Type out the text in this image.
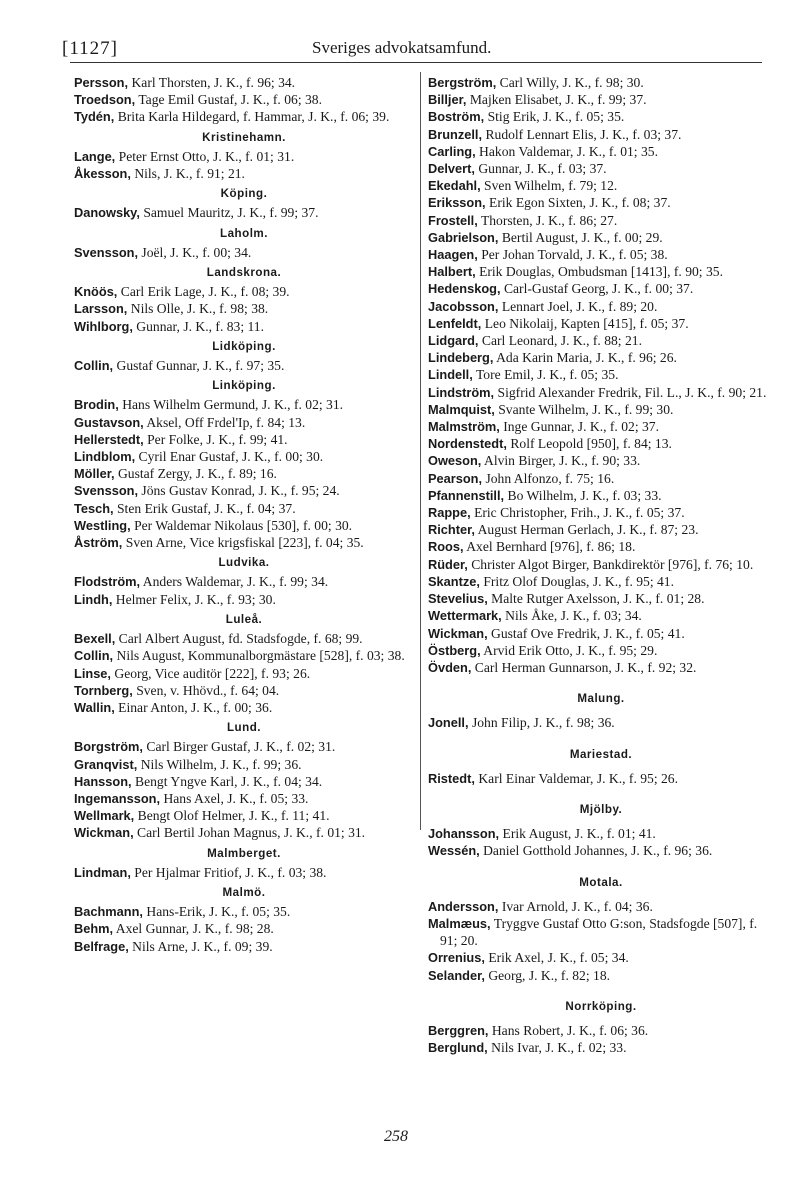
[1127]	Sveriges advokatsamfund.

Persson, Karl Thorsten, J. K., f. 96; 34.

Troedson, Tage Emil Gustaf, J. K., f. 06; 38.

Tydén, Brita Karla Hildegard, f. Hammar, J. K., f. 06; 39.

Kristinehamn.

Lange, Peter Ernst Otto, J. K., f. 01; 31.

Åkesson, Nils, J. K., f. 91; 21.

Köping.

Danowsky, Samuel Mauritz, J. K., f. 99; 37.

Laholm.

Svensson, Joël, J. K., f. 00; 34.

Landskrona.

Knöös, Carl Erik Lage, J. K., f. 08; 39.

Larsson, Nils Olle, J. K., f. 98; 38.

Wihlborg, Gunnar, J. K., f. 83; 11.

Lidköping.

Collin, Gustaf Gunnar, J. K., f. 97; 35.

Linköping.

Brodin, Hans Wilhelm Germund, J. K., f. 02; 31.

Gustavson, Aksel, Off Frdel'Ip, f. 84; 13.

Hellerstedt, Per Folke, J. K., f. 99; 41.

Lindblom, Cyril Enar Gustaf, J. K., f. 00; 30.

Möller, Gustaf Zergy, J. K., f. 89; 16.

Svensson, Jöns Gustav Konrad, J. K., f. 95; 24.

Tesch, Sten Erik Gustaf, J. K., f. 04; 37.

Westling, Per Waldemar Nikolaus [530], f. 00; 30.

Åström, Sven Arne, Vice krigsfiskal [223], f. 04; 35.

Ludvika.

Flodström, Anders Waldemar, J. K., f. 99; 34.

Lindh, Helmer Felix, J. K., f. 93; 30.

Luleå.

Bexell, Carl Albert August, fd. Stadsfogde, f. 68; 99.

Collin, Nils August, Kommunalborgmästare [528], f. 03; 38.

Linse, Georg, Vice auditör [222], f. 93; 26.

Tornberg, Sven, v. Hhövd., f. 64; 04.

Wallin, Einar Anton, J. K., f. 00; 36.

Lund.

Borgström, Carl Birger Gustaf, J. K., f. 02; 31.

Granqvist, Nils Wilhelm, J. K., f. 99; 36.

Hansson, Bengt Yngve Karl, J. K., f. 04; 34.

Ingemansson, Hans Axel, J. K., f. 05; 33.

Wellmark, Bengt Olof Helmer, J. K., f. 11; 41.

Wickman, Carl Bertil Johan Magnus, J. K., f. 01; 31.

Malmberget.

Lindman, Per Hjalmar Fritiof, J. K., f. 03; 38.

Malmö.

Bachmann, Hans-Erik, J. K., f. 05; 35.

Behm, Axel Gunnar, J. K., f. 98; 28.

Belfrage, Nils Arne, J. K., f. 09; 39.

Bergström, Carl Willy, J. K., f. 98; 30.

Billjer, Majken Elisabet, J. K., f. 99; 37.

Boström, Stig Erik, J. K., f. 05; 35.

Brunzell, Rudolf Lennart Elis, J. K., f. 03; 37.

Carling, Hakon Valdemar, J. K., f. 01; 35.

Delvert, Gunnar, J. K., f. 03; 37.

Ekedahl, Sven Wilhelm, f. 79; 12.

Eriksson, Erik Egon Sixten, J. K., f. 08; 37.

Frostell, Thorsten, J. K., f. 86; 27.

Gabrielson, Bertil August, J. K., f. 00; 29.

Haagen, Per Johan Torvald, J. K., f. 05; 38.

Halbert, Erik Douglas, Ombudsman [1413], f. 90; 35.

Hedenskog, Carl-Gustaf Georg, J. K., f. 00; 37.

Jacobsson, Lennart Joel, J. K., f. 89; 20.

Lenfeldt, Leo Nikolaij, Kapten [415], f. 05; 37.

Lidgard, Carl Leonard, J. K., f. 88; 21.

Lindeberg, Ada Karin Maria, J. K., f. 96; 26.

Lindell, Tore Emil, J. K., f. 05; 35.

Lindström, Sigfrid Alexander Fredrik, Fil. L., J. K., f. 90; 21.

Malmquist, Svante Wilhelm, J. K., f. 99; 30.

Malmström, Inge Gunnar, J. K., f. 02; 37.

Nordenstedt, Rolf Leopold [950], f. 84; 13.

Oweson, Alvin Birger, J. K., f. 90; 33.

Pearson, John Alfonzo, f. 75; 16.

Pfannenstill, Bo Wilhelm, J. K., f. 03; 33.

Rappe, Eric Christopher, Frih., J. K., f. 05; 37.

Richter, August Herman Gerlach, J. K., f. 87; 23.

Roos, Axel Bernhard [976], f. 86; 18.

Rüder, Christer Algot Birger, Bankdirektör [976], f. 76; 10.

Skantze, Fritz Olof Douglas, J. K., f. 95; 41.

Stevelius, Malte Rutger Axelsson, J. K., f. 01; 28.

Wettermark, Nils Åke, J. K., f. 03; 34.

Wickman, Gustaf Ove Fredrik, J. K., f. 05; 41.

Östberg, Arvid Erik Otto, J. K., f. 95; 29.

Övden, Carl Herman Gunnarson, J. K., f. 92; 32.

Malung.

Jonell, John Filip, J. K., f. 98; 36.

Mariestad.

Ristedt, Karl Einar Valdemar, J. K., f. 95; 26.

Mjölby.

Johansson, Erik August, J. K., f. 01; 41.

Wessén, Daniel Gotthold Johannes, J. K., f. 96; 36.

Motala.

Andersson, Ivar Arnold, J. K., f. 04; 36.

Malmæus, Tryggve Gustaf Otto G:son, Stadsfogde [507], f. 91; 20.

Orrenius, Erik Axel, J. K., f. 05; 34.

Selander, Georg, J. K., f. 82; 18.

Norrköping.

Berggren, Hans Robert, J. K., f. 06; 36.

Berglund, Nils Ivar, J. K., f. 02; 33.

258
